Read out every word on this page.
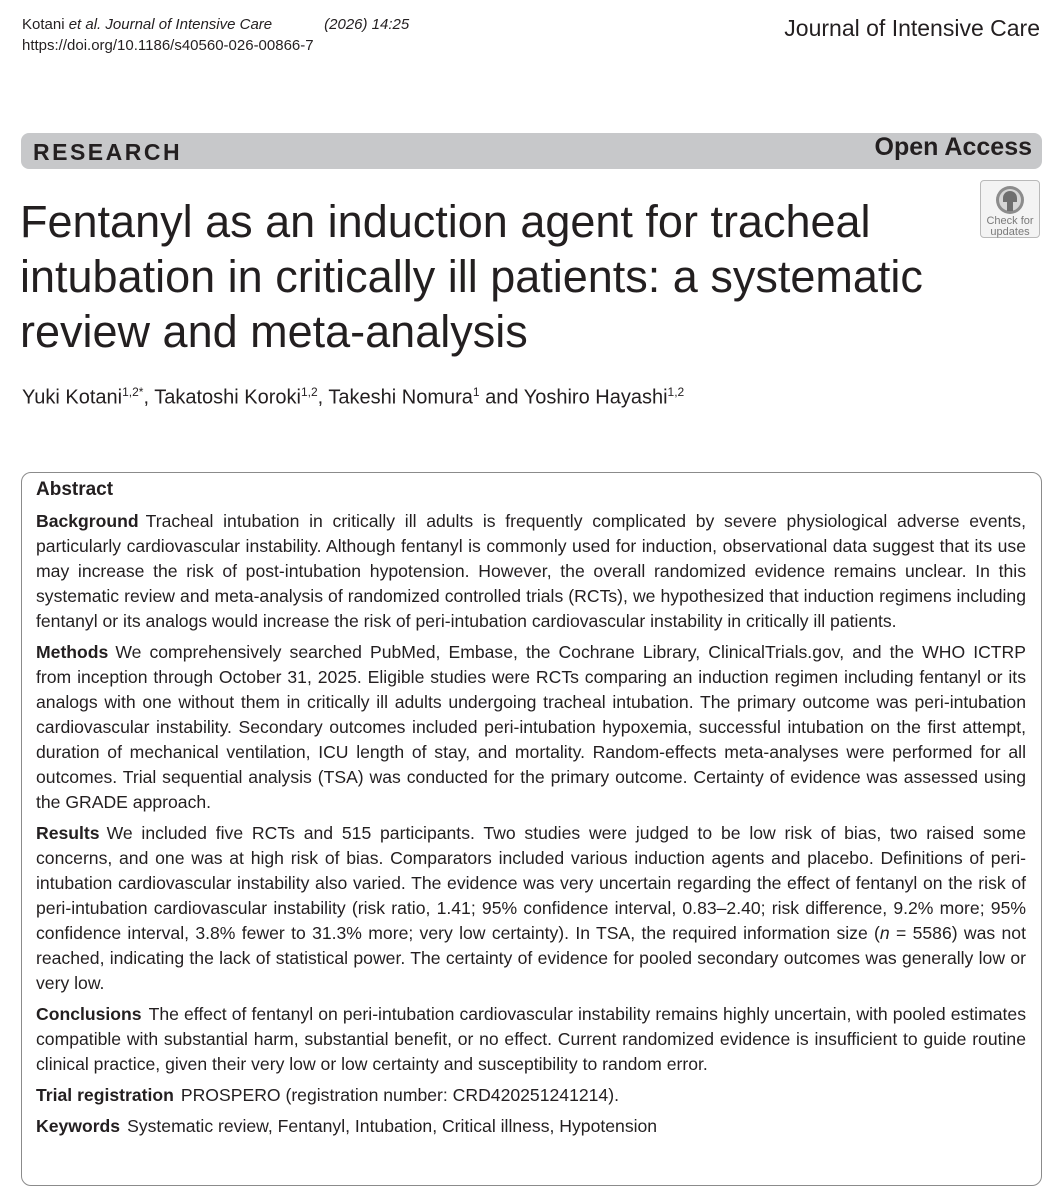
Kotani et al. Journal of Intensive Care	(2026) 14:25
https://doi.org/10.1186/s40560-026-00866-7
Journal of Intensive Care
RESEARCH	Open Access
Check for
updates
Fentanyl as an induction agent for tracheal intubation in critically ill patients: a systematic review and meta-analysis
Yuki Kotani$^{1,2*}$, Takatoshi Koroki$^{1,2}$, Takeshi Nomura$^1$ and Yoshiro Hayashi$^{1,2}$
Abstract

Background Tracheal intubation in critically ill adults is frequently complicated by severe physiological adverse events, particularly cardiovascular instability. Although fentanyl is commonly used for induction, observational data suggest that its use may increase the risk of post-intubation hypotension. However, the overall randomized evidence remains unclear. In this systematic review and meta-analysis of randomized controlled trials (RCTs), we hypothesized that induction regimens including fentanyl or its analogs would increase the risk of peri-intubation cardiovascular instability in critically ill patients.

Methods We comprehensively searched PubMed, Embase, the Cochrane Library, ClinicalTrials.gov, and the WHO ICTRP from inception through October 31, 2025. Eligible studies were RCTs comparing an induction regimen including fentanyl or its analogs with one without them in critically ill adults undergoing tracheal intubation. The primary outcome was peri-intubation cardiovascular instability. Secondary outcomes included peri-intubation hypoxemia, successful intubation on the first attempt, duration of mechanical ventilation, ICU length of stay, and mortality. Random-effects meta-analyses were performed for all outcomes. Trial sequential analysis (TSA) was conducted for the primary outcome. Certainty of evidence was assessed using the GRADE approach.

Results We included five RCTs and 515 participants. Two studies were judged to be low risk of bias, two raised some concerns, and one was at high risk of bias. Comparators included various induction agents and placebo. Definitions of peri-intubation cardiovascular instability also varied. The evidence was very uncertain regarding the effect of fentanyl on the risk of peri-intubation cardiovascular instability (risk ratio, 1.41; 95% confidence interval, 0.83–2.40; risk difference, 9.2% more; 95% confidence interval, 3.8% fewer to 31.3% more; very low certainty). In TSA, the required information size (n = 5586) was not reached, indicating the lack of statistical power. The certainty of evidence for pooled secondary outcomes was generally low or very low.

Conclusions The effect of fentanyl on peri-intubation cardiovascular instability remains highly uncertain, with pooled estimates compatible with substantial harm, substantial benefit, or no effect. Current randomized evidence is insufficient to guide routine clinical practice, given their very low or low certainty and susceptibility to random error.

Trial registration PROSPERO (registration number: CRD420251241214).

Keywords Systematic review, Fentanyl, Intubation, Critical illness, Hypotension
